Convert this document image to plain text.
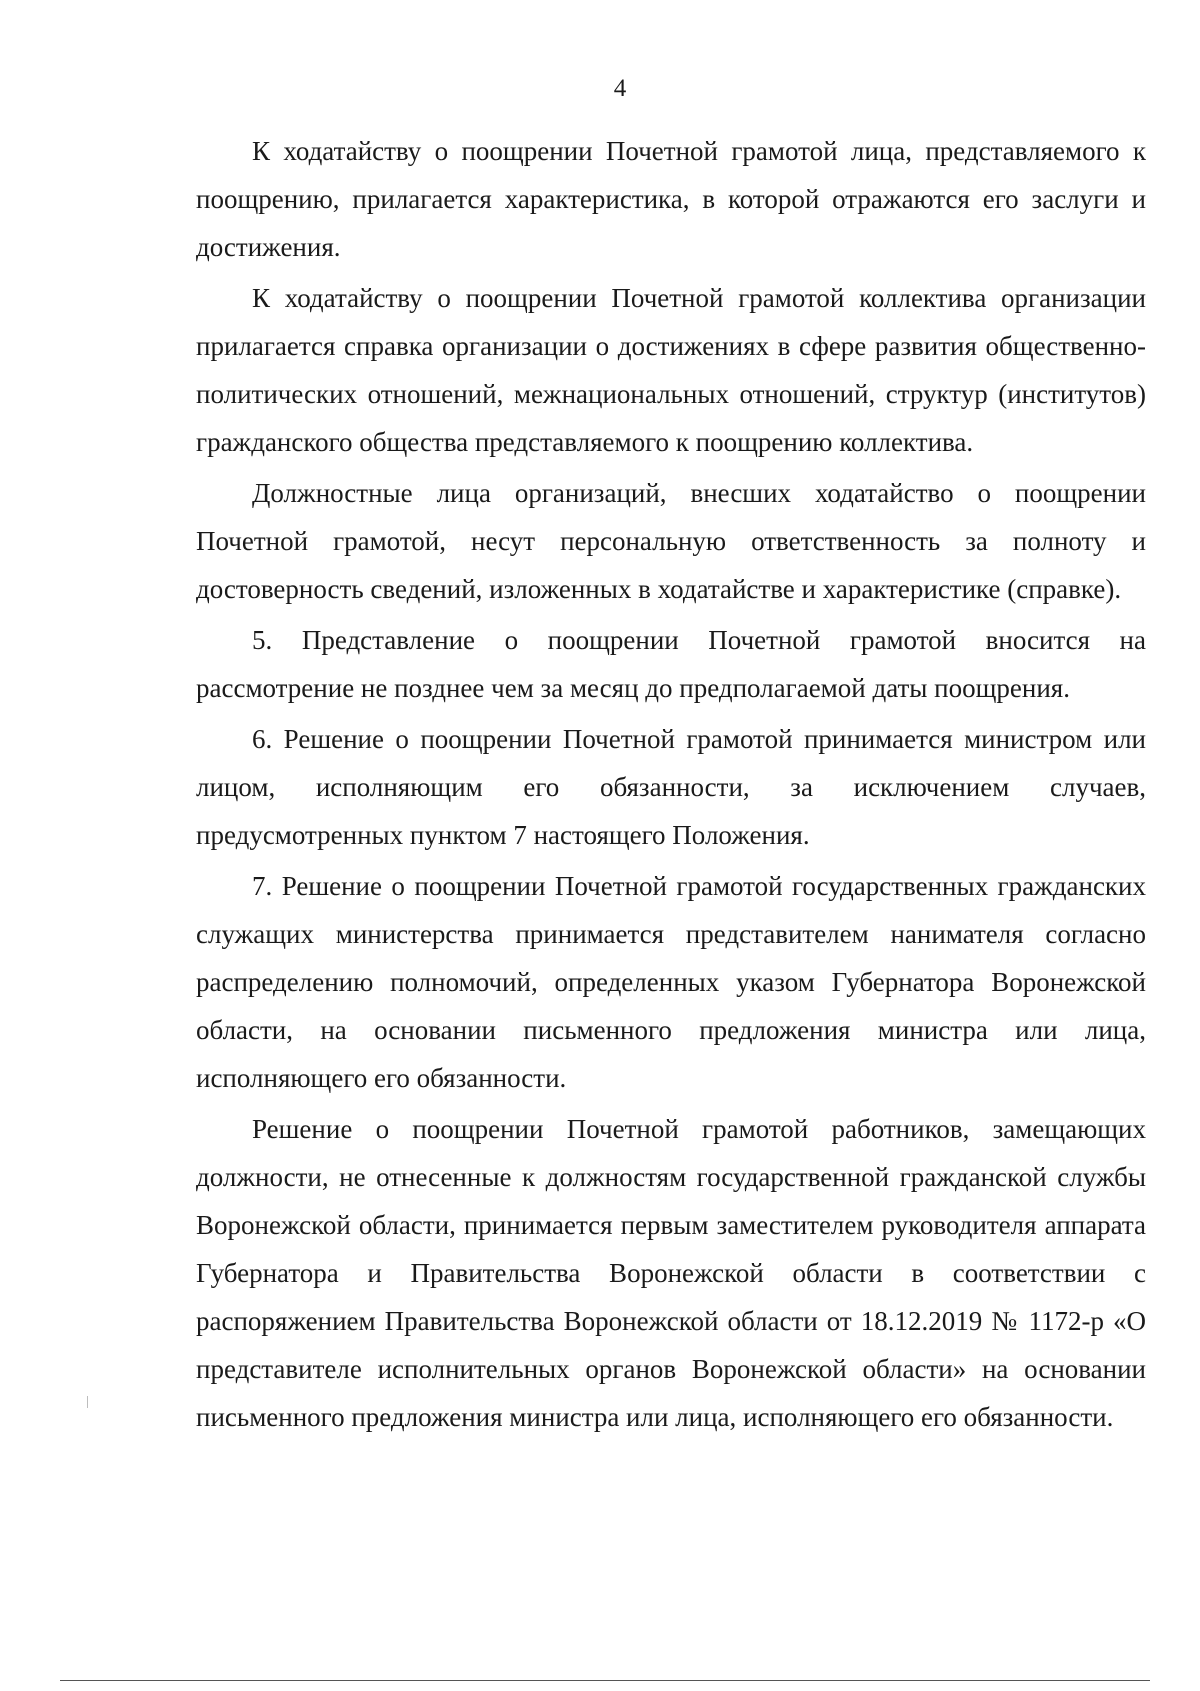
4

К ходатайству о поощрении Почетной грамотой лица, представляемого к поощрению, прилагается характеристика, в которой отражаются его заслуги и достижения.

К ходатайству о поощрении Почетной грамотой коллектива организации прилагается справка организации о достижениях в сфере развития общественно-политических отношений, межнациональных отношений, структур (институтов) гражданского общества представляемого к поощрению коллектива.

Должностные лица организаций, внесших ходатайство о поощрении Почетной грамотой, несут персональную ответственность за полноту и достоверность сведений, изложенных в ходатайстве и характеристике (справке).

5. Представление о поощрении Почетной грамотой вносится на рассмотрение не позднее чем за месяц до предполагаемой даты поощрения.

6. Решение о поощрении Почетной грамотой принимается министром или лицом, исполняющим его обязанности, за исключением случаев, предусмотренных пунктом 7 настоящего Положения.

7. Решение о поощрении Почетной грамотой государственных гражданских служащих министерства принимается представителем нанимателя согласно распределению полномочий, определенных указом Губернатора Воронежской области, на основании письменного предложения министра или лица, исполняющего его обязанности.

Решение о поощрении Почетной грамотой работников, замещающих должности, не отнесенные к должностям государственной гражданской службы Воронежской области, принимается первым заместителем руководителя аппарата Губернатора и Правительства Воронежской области в соответствии с распоряжением Правительства Воронежской области от 18.12.2019 № 1172-р «О представителе исполнительных органов Воронежской области» на основании письменного предложения министра или лица, исполняющего его обязанности.
